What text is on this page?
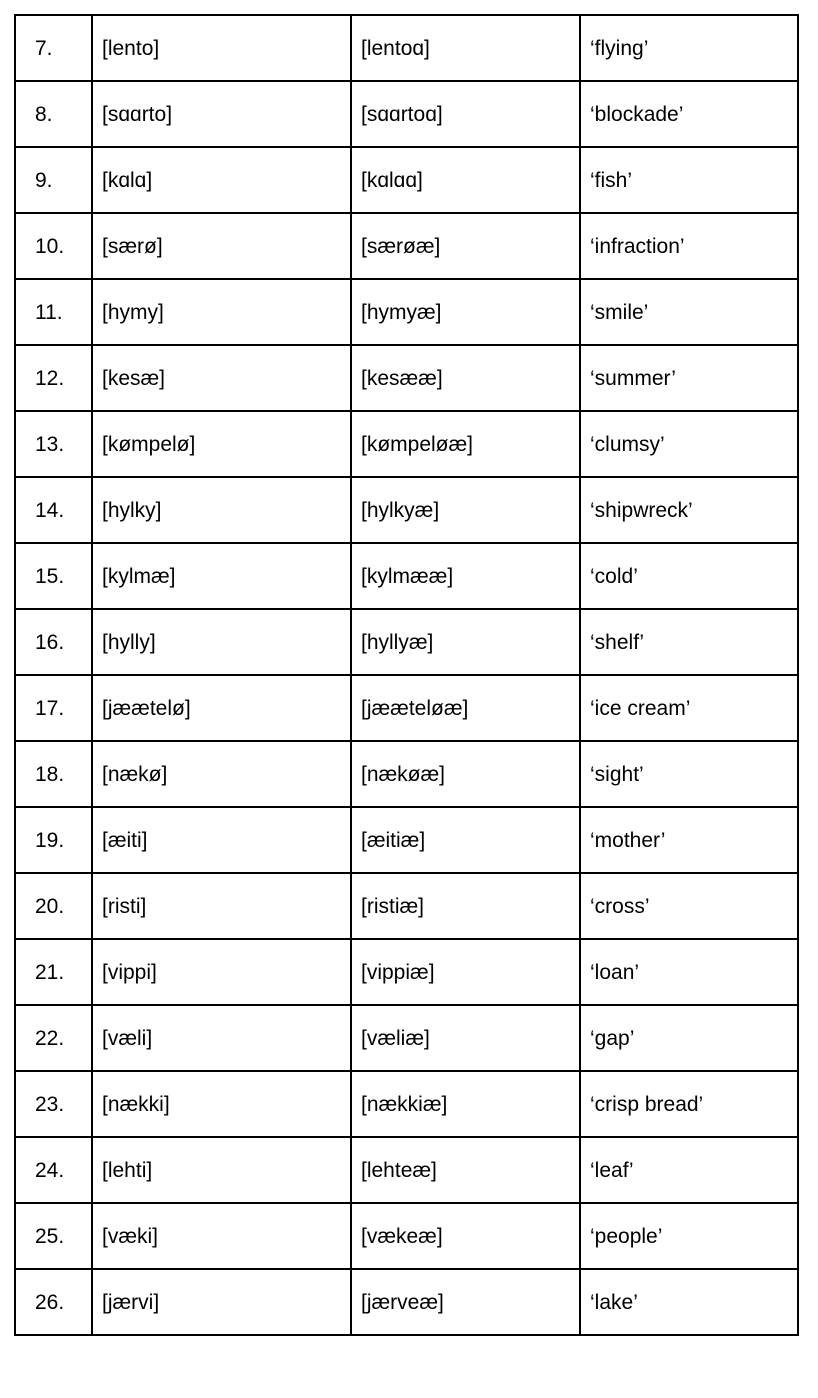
7.	[lento]	[lentoɑ]	‘flying’
8.	[sɑɑrto]	[sɑɑrtoɑ]	‘blockade’
9.	[kɑlɑ]	[kɑlɑɑ]	‘fish’
10.	[særø]	[særøæ]	‘infraction’
11.	[hymy]	[hymyæ]	‘smile’
12.	[kesæ]	[kesææ]	‘summer’
13.	[kømpelø]	[kømpeløæ]	‘clumsy’
14.	[hylky]	[hylkyæ]	‘shipwreck’
15.	[kylmæ]	[kylmææ]	‘cold’
16.	[hylly]	[hyllyæ]	‘shelf’
17.	[jæætelø]	[jææteløæ]	‘ice cream’
18.	[nækø]	[nækøæ]	‘sight’
19.	[æiti]	[æitiæ]	‘mother’
20.	[risti]	[ristiæ]	‘cross’
21.	[vippi]	[vippiæ]	‘loan’
22.	[væli]	[væliæ]	‘gap’
23.	[nækki]	[nækkiæ]	‘crisp bread’
24.	[lehti]	[lehteæ]	‘leaf’
25.	[væki]	[vækeæ]	‘people’
26.	[jærvi]	[jærveæ]	‘lake’
